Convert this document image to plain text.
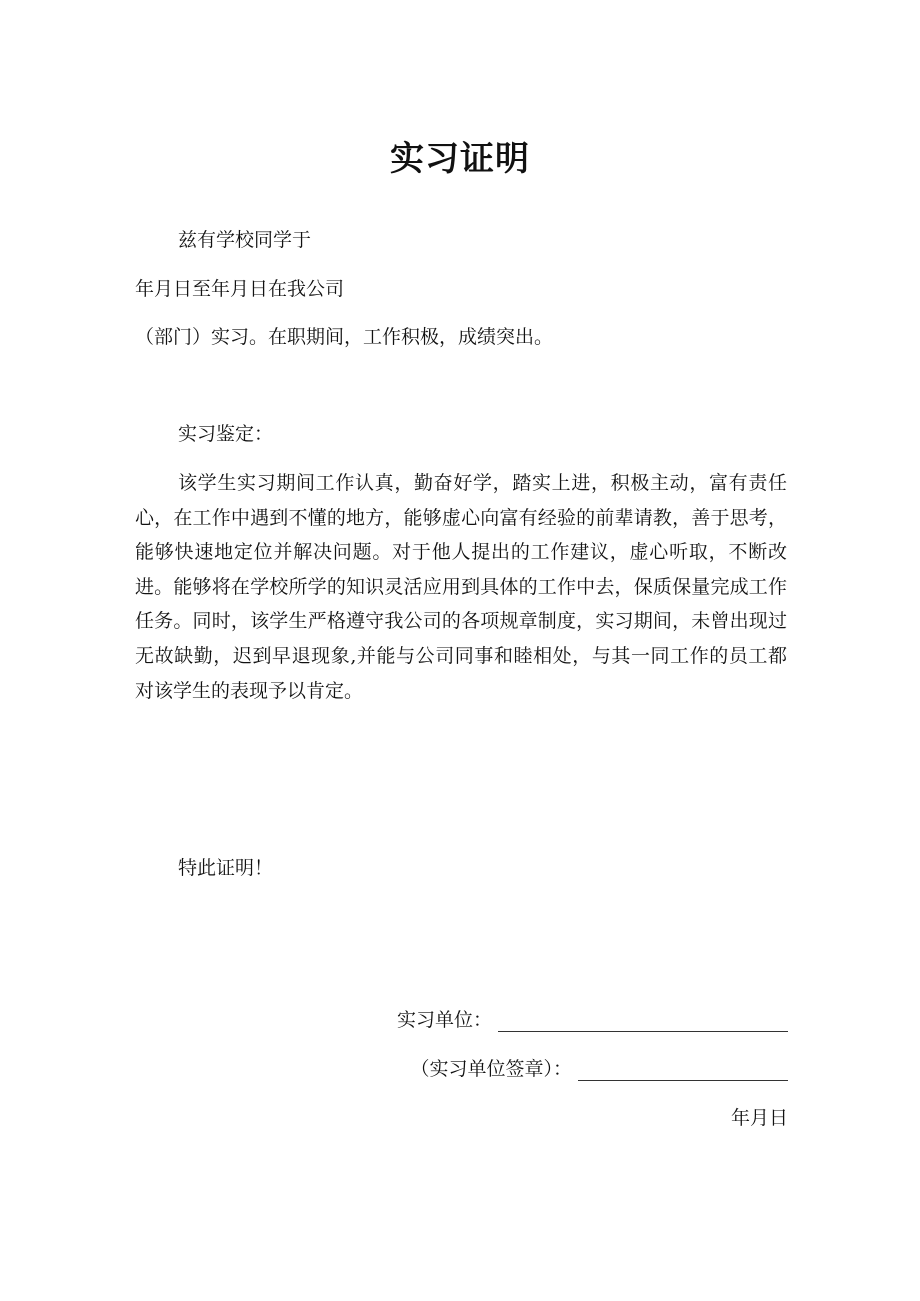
实习证明
兹有学校同学于
年月日至年月日在我公司
（部门）实习。在职期间，工作积极，成绩突出。
实习鉴定：
该学生实习期间工作认真，勤奋好学，踏实上进，积极主动，富有责任心，在工作中遇到不懂的地方，能够虚心向富有经验的前辈请教，善于思考，能够快速地定位并解决问题。对于他人提出的工作建议，虚心听取，不断改进。能够将在学校所学的知识灵活应用到具体的工作中去，保质保量完成工作任务。同时，该学生严格遵守我公司的各项规章制度，实习期间，未曾出现过无故缺勤，迟到早退现象,并能与公司同事和睦相处，与其一同工作的员工都对该学生的表现予以肯定。
特此证明！
实习单位：
（实习单位签章）：
年月日
